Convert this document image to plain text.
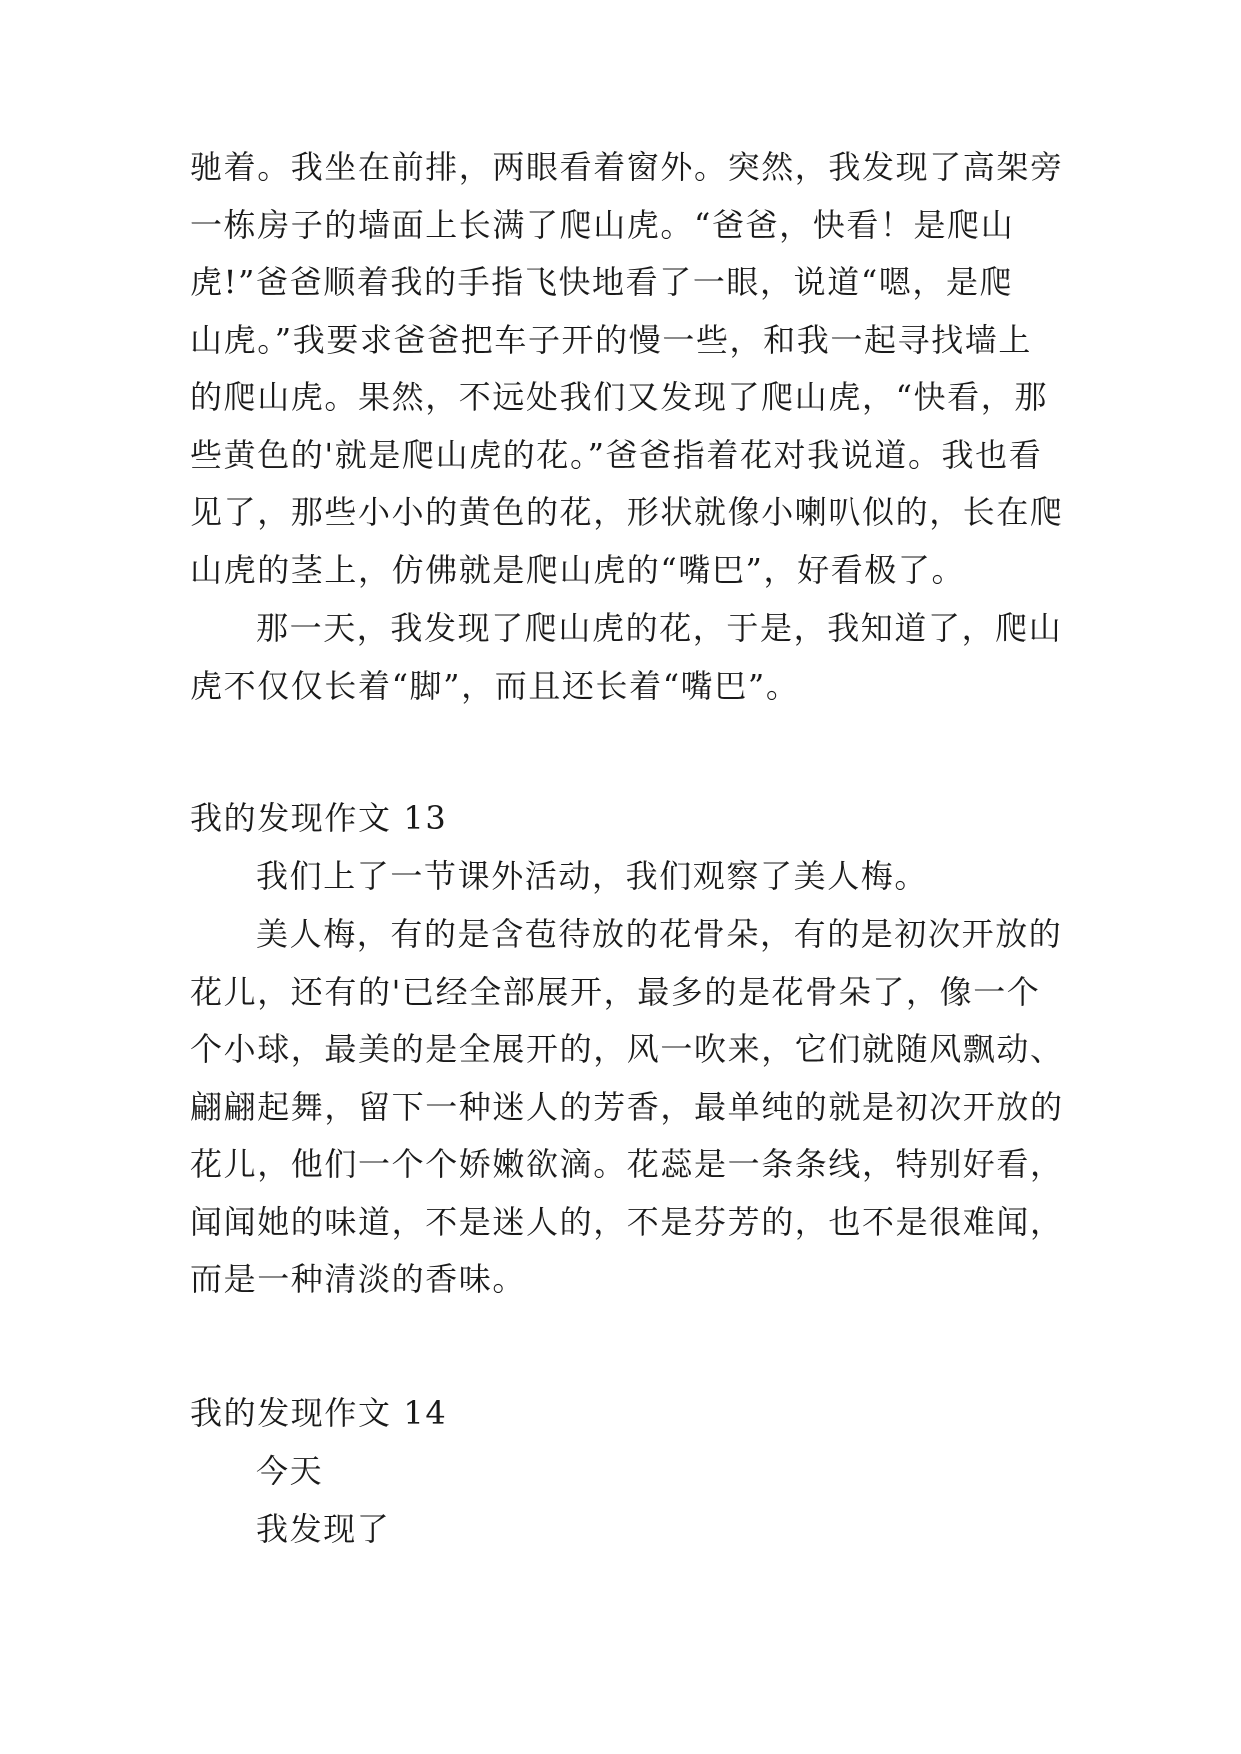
驰着。我坐在前排，两眼看着窗外。突然，我发现了高架旁
一栋房子的墙面上长满了爬山虎。“爸爸，快看！是爬山
虎!”爸爸顺着我的手指飞快地看了一眼，说道“嗯，是爬
山虎。”我要求爸爸把车子开的慢一些，和我一起寻找墙上
的爬山虎。果然，不远处我们又发现了爬山虎，“快看，那
些黄色的'就是爬山虎的花。”爸爸指着花对我说道。我也看
见了，那些小小的黄色的花，形状就像小喇叭似的，长在爬
山虎的茎上，仿佛就是爬山虎的“嘴巴”，好看极了。
那一天，我发现了爬山虎的花，于是，我知道了，爬山
虎不仅仅长着“脚”，而且还长着“嘴巴”。
我的发现作文 13
我们上了一节课外活动，我们观察了美人梅。
美人梅，有的是含苞待放的花骨朵，有的是初次开放的
花儿，还有的'已经全部展开，最多的是花骨朵了，像一个
个小球，最美的是全展开的，风一吹来，它们就随风飘动、
翩翩起舞，留下一种迷人的芳香，最单纯的就是初次开放的
花儿，他们一个个娇嫩欲滴。花蕊是一条条线，特别好看，
闻闻她的味道，不是迷人的，不是芬芳的，也不是很难闻，
而是一种清淡的香味。
我的发现作文 14
今天
我发现了
